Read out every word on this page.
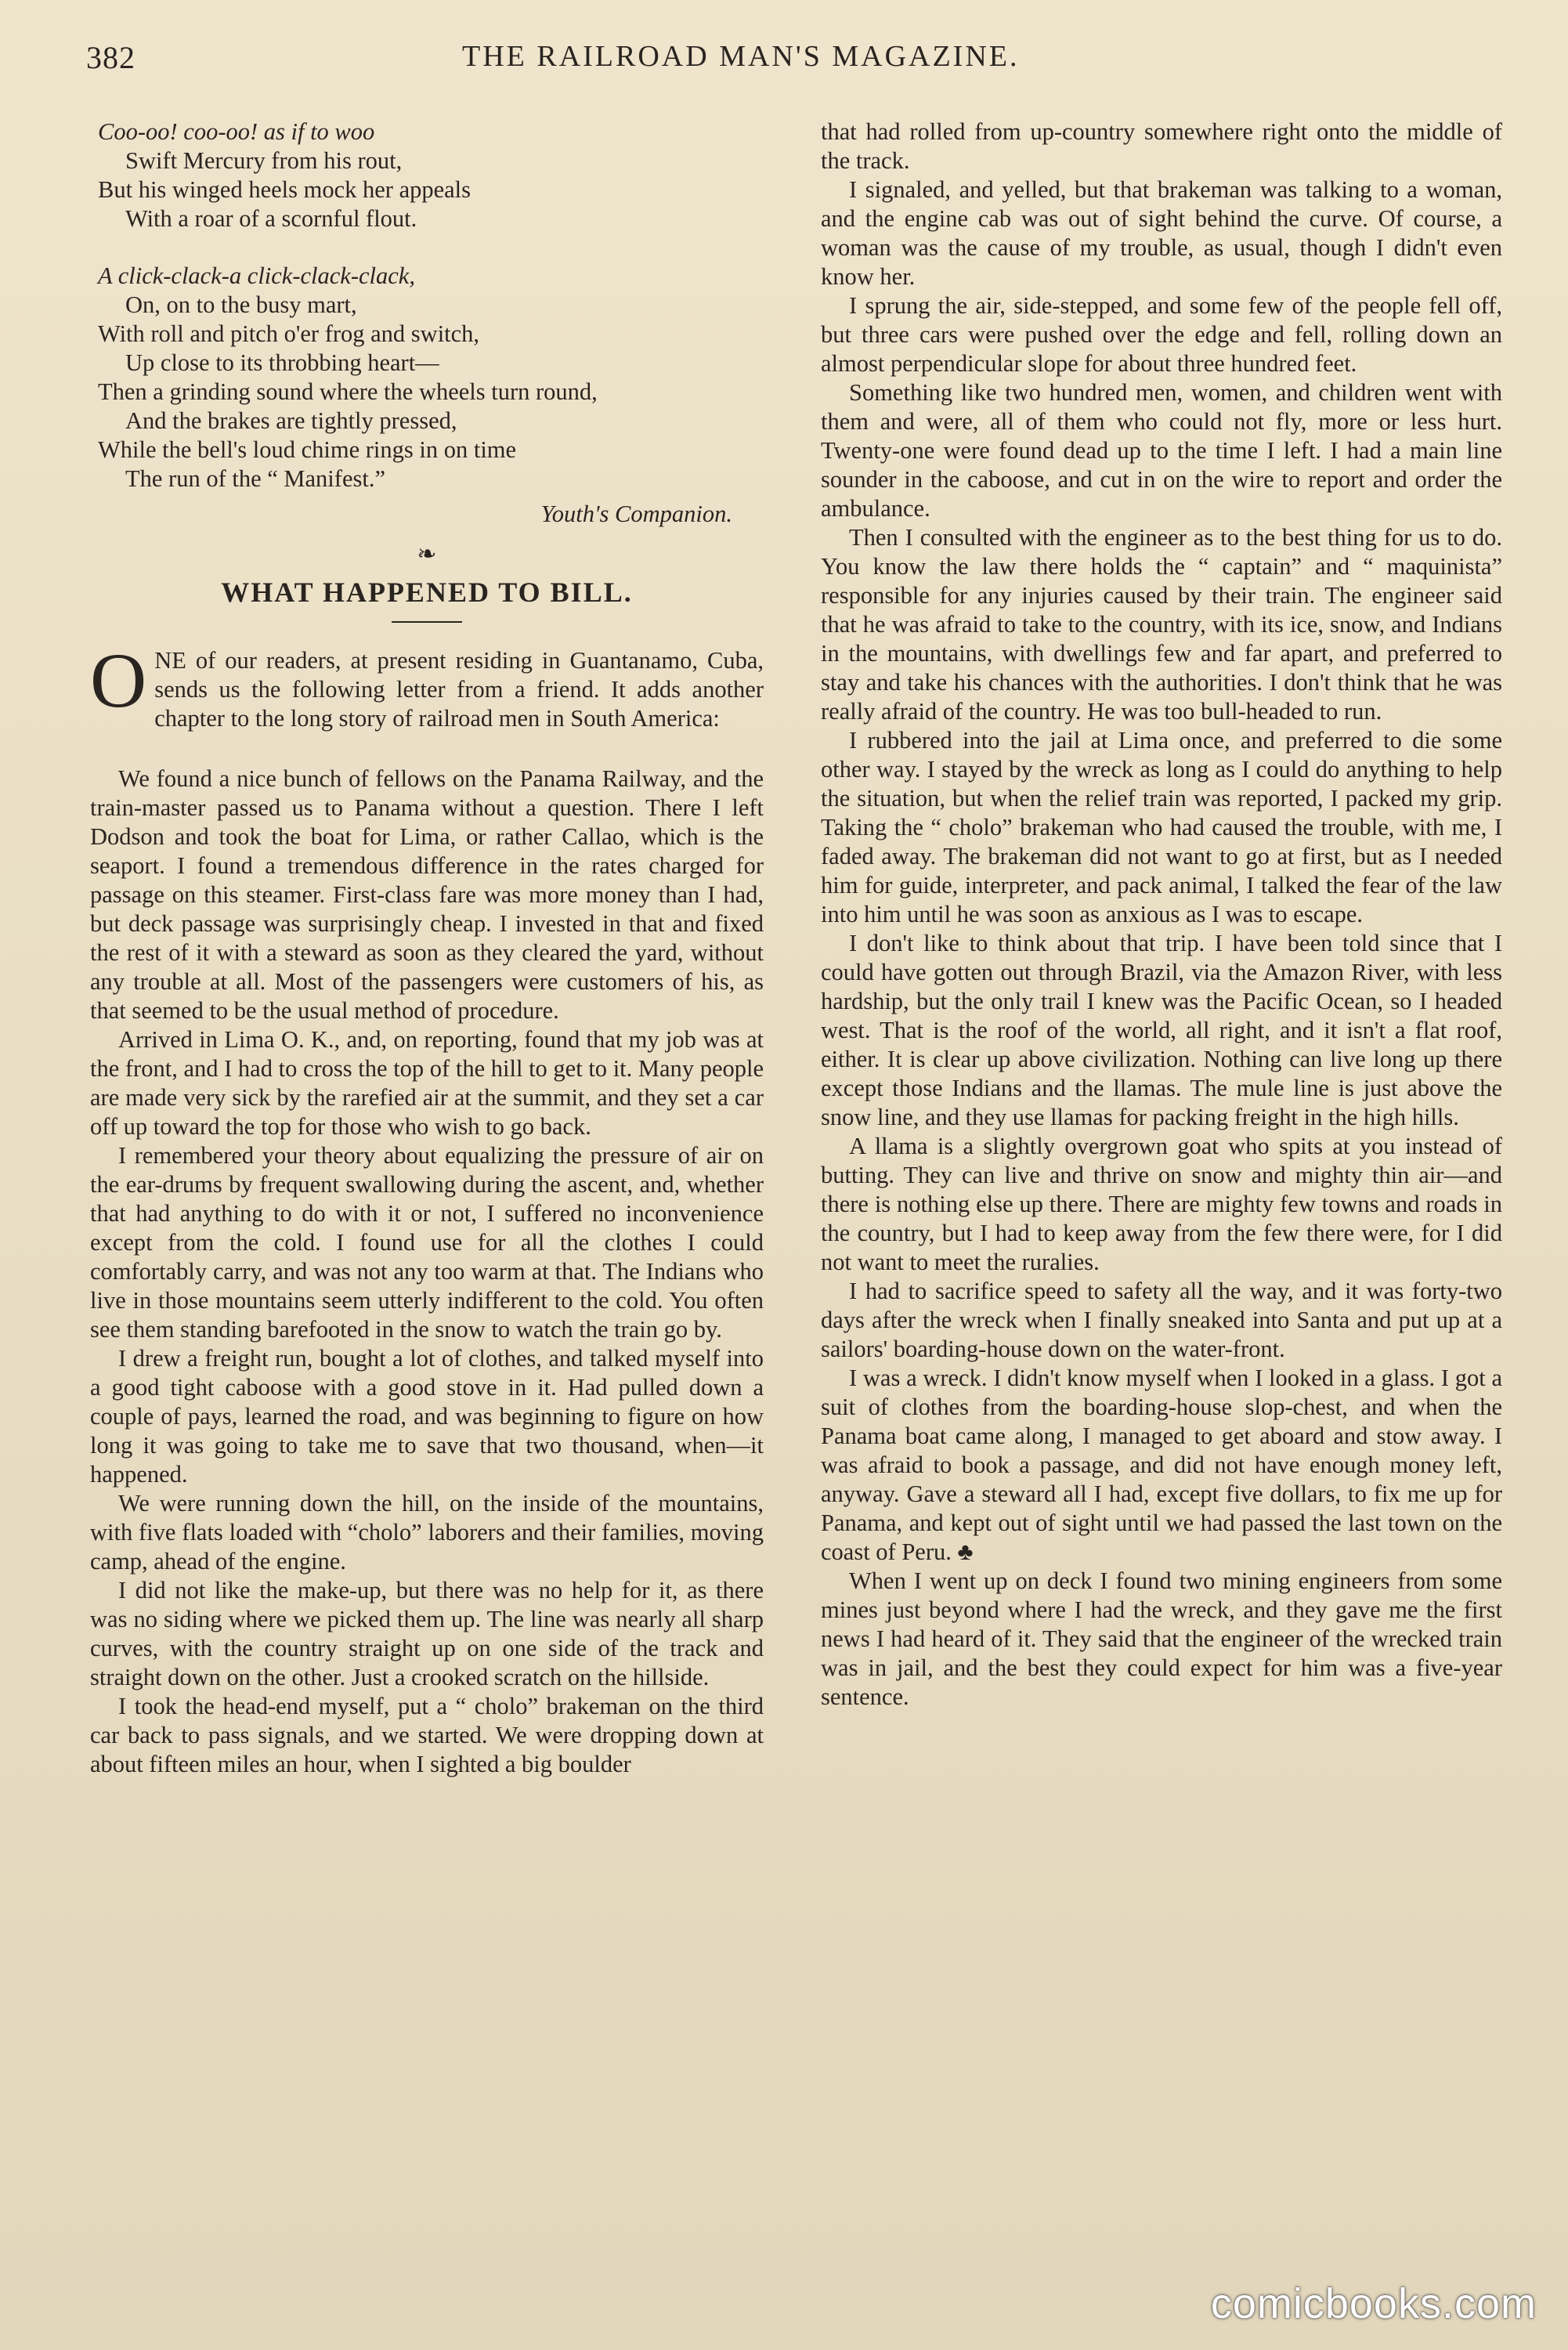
382	THE RAILROAD MAN'S MAGAZINE.
Coo-oo! coo-oo! as if to woo
Swift Mercury from his rout,
But his winged heels mock her appeals
With a roar of a scornful flout.
A click-clack-a click-clack-clack,
On, on to the busy mart,
With roll and pitch o'er frog and switch,
Up close to its throbbing heart—
Then a grinding sound where the wheels turn round,
And the brakes are tightly pressed,
While the bell's loud chime rings in on time
The run of the “ Manifest.”
Youth's Companion.
❧
WHAT HAPPENED TO BILL.

ONE of our readers, at present residing in Guantanamo, Cuba, sends us the following letter from a friend. It adds another chapter to the long story of railroad men in South America:

We found a nice bunch of fellows on the Panama Railway, and the train-master passed us to Panama without a question. There I left Dodson and took the boat for Lima, or rather Callao, which is the seaport. I found a tremendous difference in the rates charged for passage on this steamer. First-class fare was more money than I had, but deck passage was surprisingly cheap. I invested in that and fixed the rest of it with a steward as soon as they cleared the yard, without any trouble at all. Most of the passengers were customers of his, as that seemed to be the usual method of procedure.

Arrived in Lima O. K., and, on reporting, found that my job was at the front, and I had to cross the top of the hill to get to it. Many people are made very sick by the rarefied air at the summit, and they set a car off up toward the top for those who wish to go back.

I remembered your theory about equalizing the pressure of air on the ear-drums by frequent swallowing during the ascent, and, whether that had anything to do with it or not, I suffered no inconvenience except from the cold. I found use for all the clothes I could comfortably carry, and was not any too warm at that. The Indians who live in those mountains seem utterly indifferent to the cold. You often see them standing barefooted in the snow to watch the train go by.

I drew a freight run, bought a lot of clothes, and talked myself into a good tight caboose with a good stove in it. Had pulled down a couple of pays, learned the road, and was beginning to figure on how long it was going to take me to save that two thousand, when—it happened.

We were running down the hill, on the inside of the mountains, with five flats loaded with “cholo” laborers and their families, moving camp, ahead of the engine.

I did not like the make-up, but there was no help for it, as there was no siding where we picked them up. The line was nearly all sharp curves, with the country straight up on one side of the track and straight down on the other. Just a crooked scratch on the hillside.

I took the head-end myself, put a “ cholo” brakeman on the third car back to pass signals, and we started. We were dropping down at about fifteen miles an hour, when I sighted a big boulder

that had rolled from up-country somewhere right onto the middle of the track.

I signaled, and yelled, but that brakeman was talking to a woman, and the engine cab was out of sight behind the curve. Of course, a woman was the cause of my trouble, as usual, though I didn't even know her.

I sprung the air, side-stepped, and some few of the people fell off, but three cars were pushed over the edge and fell, rolling down an almost perpendicular slope for about three hundred feet.

Something like two hundred men, women, and children went with them and were, all of them who could not fly, more or less hurt. Twenty-one were found dead up to the time I left. I had a main line sounder in the caboose, and cut in on the wire to report and order the ambulance.

Then I consulted with the engineer as to the best thing for us to do. You know the law there holds the “ captain” and “ maquinista” responsible for any injuries caused by their train. The engineer said that he was afraid to take to the country, with its ice, snow, and Indians in the mountains, with dwellings few and far apart, and preferred to stay and take his chances with the authorities. I don't think that he was really afraid of the country. He was too bull-headed to run.

I rubbered into the jail at Lima once, and preferred to die some other way. I stayed by the wreck as long as I could do anything to help the situation, but when the relief train was reported, I packed my grip. Taking the “ cholo” brakeman who had caused the trouble, with me, I faded away. The brakeman did not want to go at first, but as I needed him for guide, interpreter, and pack animal, I talked the fear of the law into him until he was soon as anxious as I was to escape.

I don't like to think about that trip. I have been told since that I could have gotten out through Brazil, via the Amazon River, with less hardship, but the only trail I knew was the Pacific Ocean, so I headed west. That is the roof of the world, all right, and it isn't a flat roof, either. It is clear up above civilization. Nothing can live long up there except those Indians and the llamas. The mule line is just above the snow line, and they use llamas for packing freight in the high hills.

A llama is a slightly overgrown goat who spits at you instead of butting. They can live and thrive on snow and mighty thin air—and there is nothing else up there. There are mighty few towns and roads in the country, but I had to keep away from the few there were, for I did not want to meet the ruralies.

I had to sacrifice speed to safety all the way, and it was forty-two days after the wreck when I finally sneaked into Santa and put up at a sailors' boarding-house down on the water-front.

I was a wreck. I didn't know myself when I looked in a glass. I got a suit of clothes from the boarding-house slop-chest, and when the Panama boat came along, I managed to get aboard and stow away. I was afraid to book a passage, and did not have enough money left, anyway. Gave a steward all I had, except five dollars, to fix me up for Panama, and kept out of sight until we had passed the last town on the coast of Peru. ♣

When I went up on deck I found two mining engineers from some mines just beyond where I had the wreck, and they gave me the first news I had heard of it. They said that the engineer of the wrecked train was in jail, and the best they could expect for him was a five-year sentence.

comicbooks.com
